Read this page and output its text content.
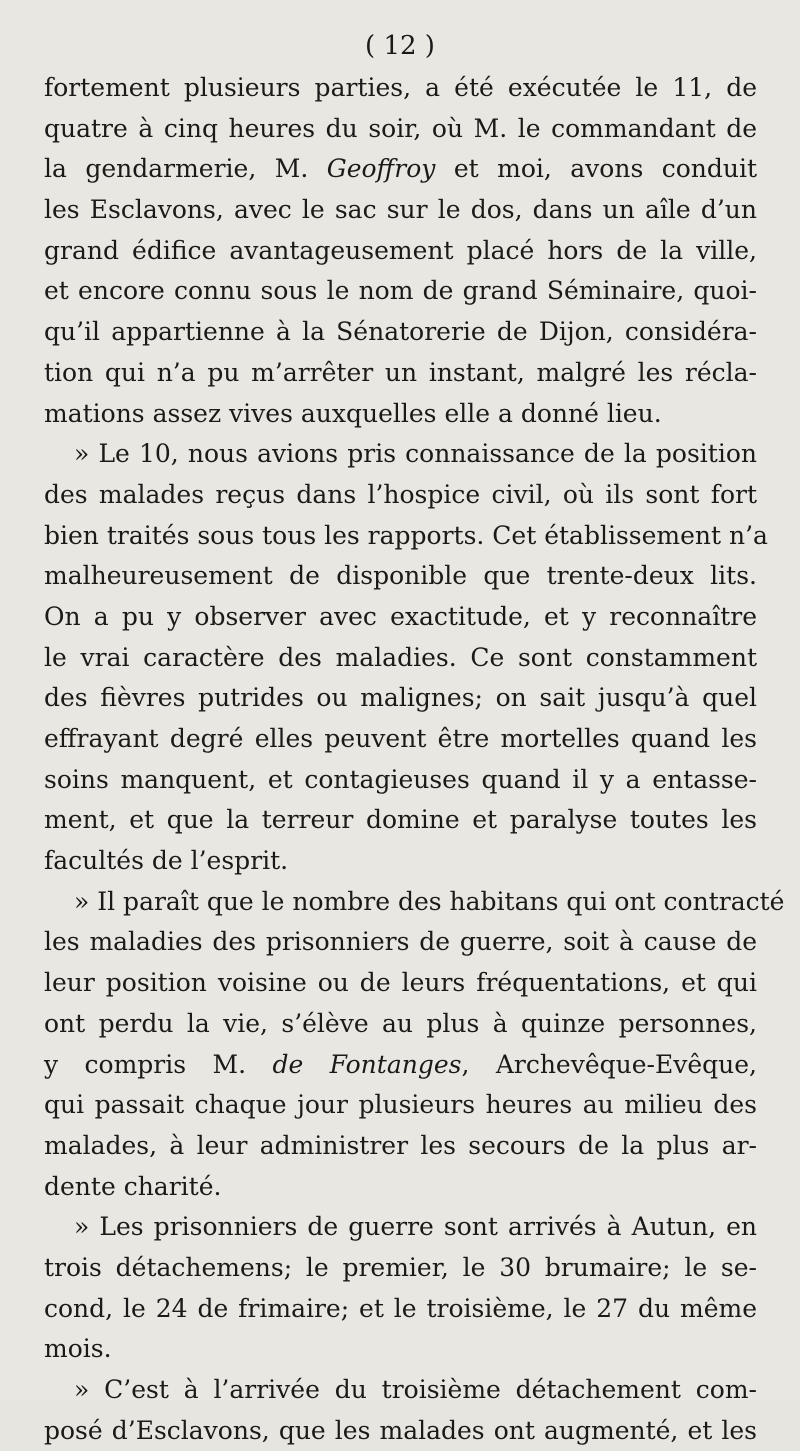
( 12 )
fortement plusieurs parties, a été exécutée le 11, de
quatre à cinq heures du soir, où M. le commandant de
la gendarmerie, M. Geoffroy et moi, avons conduit
les Esclavons, avec le sac sur le dos, dans un aîle d’un
grand édifice avantageusement placé hors de la ville,
et encore connu sous le nom de grand Séminaire, quoi-
qu’il appartienne à la Sénatorerie de Dijon, considéra-
tion qui n’a pu m’arrêter un instant, malgré les récla-
mations assez vives auxquelles elle a donné lieu.
» Le 10, nous avions pris connaissance de la position
des malades reçus dans l’hospice civil, où ils sont fort
bien traités sous tous les rapports. Cet établissement n’a
malheureusement de disponible que trente-deux lits.
On a pu y observer avec exactitude, et y reconnaître
le vrai caractère des maladies. Ce sont constamment
des fièvres putrides ou malignes; on sait jusqu’à quel
effrayant degré elles peuvent être mortelles quand les
soins manquent, et contagieuses quand il y a entasse-
ment, et que la terreur domine et paralyse toutes les
facultés de l’esprit.
» Il paraît que le nombre des habitans qui ont contracté
les maladies des prisonniers de guerre, soit à cause de
leur position voisine ou de leurs fréquentations, et qui
ont perdu la vie, s’élève au plus à quinze personnes,
y compris M. de Fontanges, Archevêque-Evêque,
qui passait chaque jour plusieurs heures au milieu des
malades, à leur administrer les secours de la plus ar-
dente charité.
» Les prisonniers de guerre sont arrivés à Autun, en
trois détachemens; le premier, le 30 brumaire; le se-
cond, le 24 de frimaire; et le troisième, le 27 du même
mois.
» C’est à l’arrivée du troisième détachement com-
posé d’Esclavons, que les malades ont augmenté, et les
